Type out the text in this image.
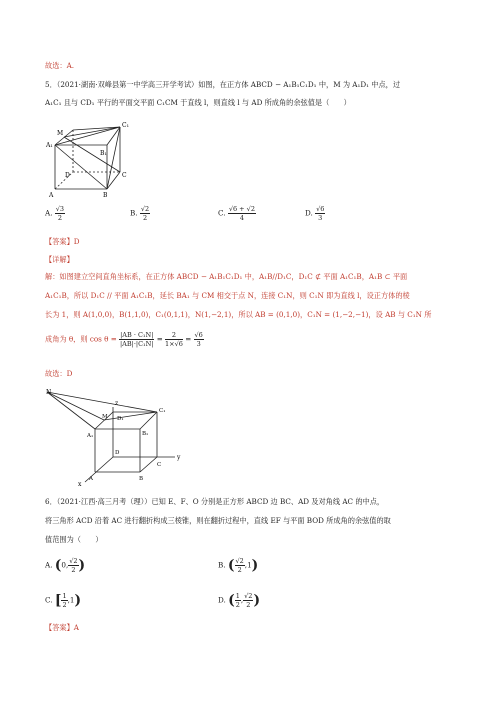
故选：A.
5．（2021·湖南·双峰县第一中学高三开学考试）如图，在正方体 ABCD − A₁B₁C₁D₁ 中，M 为 A₁D₁ 中点，过
A₁C₁ 且与 CD₁ 平行的平面交平面 C₁CM 于直线 l，则直线 l 与 AD 所成角的余弦值是（　　）
M
C₁
A₁
B₁
D	C
A	B
A. $\frac{√3}{2}$	B. $\frac{√2}{2}$	C. $\frac{√6 + √2}{4}$	D. $\frac{√6}{3}$
【答案】D
【详解】
解：如图建立空间直角坐标系，在正方体 ABCD − A₁B₁C₁D₁ 中，A₁B//D₁C，D₁C ⊄ 平面 A₁C₁B，A₁B ⊂ 平面
A₁C₁B，所以 D₁C // 平面 A₁C₁B，延长 BA₁ 与 CM 相交于点 N，连接 C₁N，则 C₁N 即为直线 l，设正方体的棱
长为 1，则 A(1,0,0)，B(1,1,0)，C₁(0,1,1)，N(1,−2,1)，所以 AB = (0,1,0)，C₁N = (1,−2,−1)，设 AB 与 C₁N 所
成角为 θ，则 $\cos \theta = \frac{\text{|AB · C₁N|}}{\text{|AB|·|C₁N|}} = \frac{2}{1\times√6} = \frac{√6}{3}$
故选：D
N
z
M D₁
A₁	B₁
C₁
D
C
A	B
y
x
6．（2021·江西·高三月考（理））已知 E、F、O 分别是正方形 ABCD 边 BC、AD 及对角线 AC 的中点，
将三角形 ACD 沿着 AC 进行翻折构成三棱锥，则在翻折过程中，直线 EF 与平面 BOD 所成角的余弦值的取
值范围为（　　）
A. (0, $\frac{√2}{2}$ )	B. ( $\frac{√2}{2} ,1$)
C. [ $\frac{1}{2} ,1$)	D. ( $\frac{1}{2}$ , $\frac{√2}{2}$ )
【答案】A
